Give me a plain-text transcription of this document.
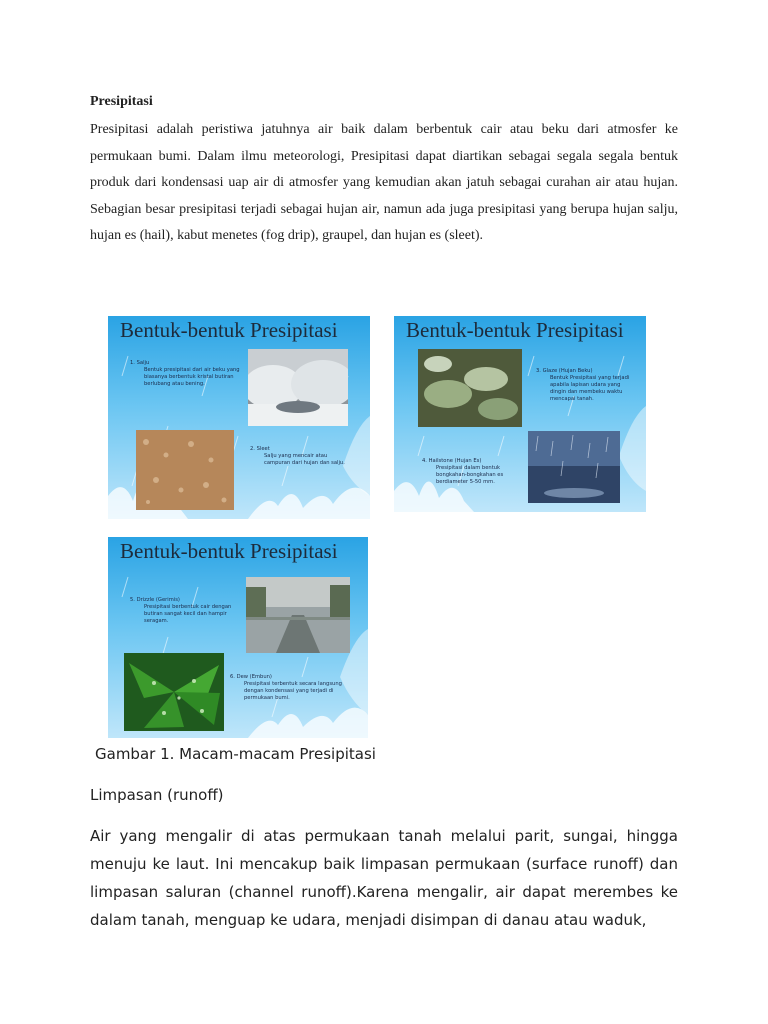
Presipitasi

Presipitasi adalah peristiwa jatuhnya air baik dalam berbentuk cair atau beku dari atmosfer ke permukaan bumi. Dalam ilmu meteorologi, Presipitasi dapat diartikan sebagai segala segala bentuk produk dari kondensasi uap air di atmosfer yang kemudian akan jatuh sebagai curahan air atau hujan. Sebagian besar presipitasi terjadi sebagai hujan air, namun ada juga presipitasi yang berupa hujan salju, hujan es (hail), kabut menetes (fog drip), graupel, dan hujan es (sleet).

Bentuk-bentuk Presipitasi
1. Salju
Bentuk presipitasi dari air beku yang biasanya berbentuk kristal butiran berlubang atau bening.
2. Sleet
Salju yang mencair atau campuran dari hujan dan salju.
Bentuk-bentuk Presipitasi
3. Glaze (Hujan Beku)
Bentuk Presipitasi yang terjadi apabila lapisan udara yang dingin dan membeku waktu mencapai tanah.
4. Hailstone (Hujan Es)
Presipitasi dalam bentuk bongkahan-bongkahan es berdiameter 5-50 mm.
Bentuk-bentuk Presipitasi
5. Drizzle (Gerimis)
Presipitasi berbentuk cair dengan butiran sangat kecil dan hampir seragam.
6. Dew (Embun)
Presipitasi terbentuk secara langsung dengan kondensasi yang terjadi di permukaan bumi.
Gambar 1. Macam-macam Presipitasi
Limpasan (runoff)

Air yang mengalir di atas permukaan tanah melalui parit, sungai, hingga menuju ke laut. Ini mencakup baik limpasan permukaan (surface runoff) dan limpasan saluran (channel runoff).Karena mengalir, air dapat merembes ke dalam tanah, menguap ke udara, menjadi disimpan di danau atau waduk,
